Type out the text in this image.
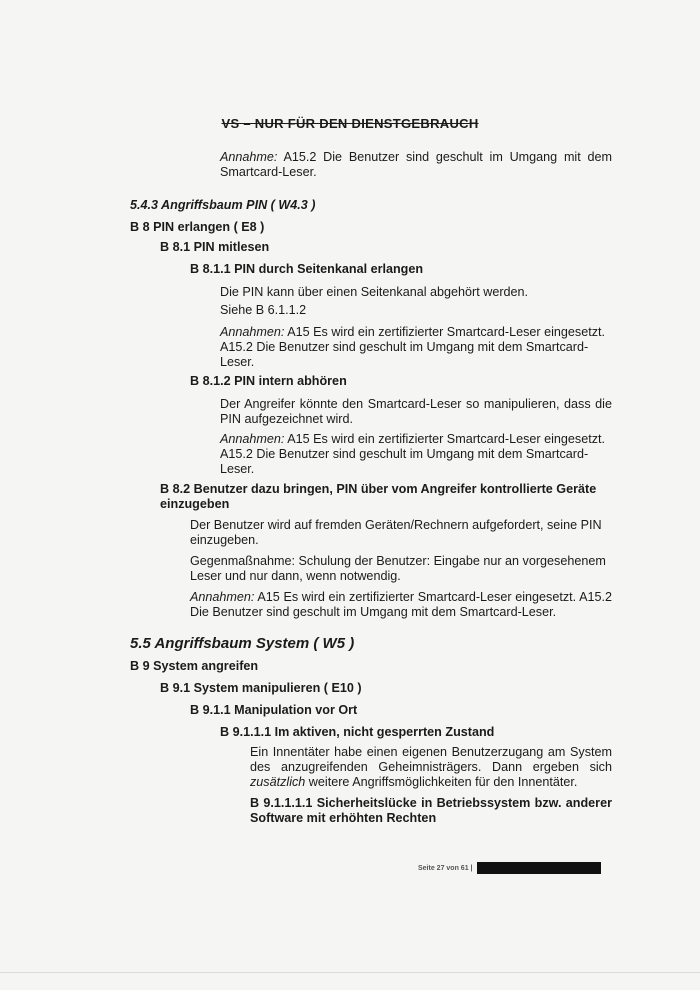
VS – NUR FÜR DEN DIENSTGEBRAUCH
Annahme: A15.2 Die Benutzer sind geschult im Umgang mit dem Smartcard-Leser.
5.4.3 Angriffsbaum PIN ( W4.3 )
B 8 PIN erlangen ( E8 )
B 8.1 PIN mitlesen
B 8.1.1 PIN durch Seitenkanal erlangen
Die PIN kann über einen Seitenkanal abgehört werden.
Siehe B 6.1.1.2
Annahmen: A15 Es wird ein zertifizierter Smartcard-Leser eingesetzt. A15.2 Die Benutzer sind geschult im Umgang mit dem Smartcard-Leser.
B 8.1.2 PIN intern abhören
Der Angreifer könnte den Smartcard-Leser so manipulieren, dass die PIN aufgezeichnet wird.
Annahmen: A15 Es wird ein zertifizierter Smartcard-Leser eingesetzt. A15.2 Die Benutzer sind geschult im Umgang mit dem Smartcard-Leser.
B 8.2 Benutzer dazu bringen, PIN über vom Angreifer kontrollierte Geräte einzugeben
Der Benutzer wird auf fremden Geräten/Rechnern aufgefordert, seine PIN einzugeben.
Gegenmaßnahme: Schulung der Benutzer: Eingabe nur an vorgesehenem Leser und nur dann, wenn notwendig.
Annahmen: A15 Es wird ein zertifizierter Smartcard-Leser eingesetzt. A15.2 Die Benutzer sind geschult im Umgang mit dem Smartcard-Leser.
5.5 Angriffsbaum System ( W5 )
B 9 System angreifen
B 9.1 System manipulieren ( E10 )
B 9.1.1 Manipulation vor Ort
B 9.1.1.1 Im aktiven, nicht gesperrten Zustand
Ein Innentäter habe einen eigenen Benutzerzugang am System des anzugreifenden Geheimnisträgers. Dann ergeben sich zusätzlich weitere Angriffsmöglichkeiten für den Innentäter.
B 9.1.1.1.1 Sicherheitslücke in Betriebssystem bzw. anderer Software mit erhöhten Rechten
Seite 27 von 61 |
